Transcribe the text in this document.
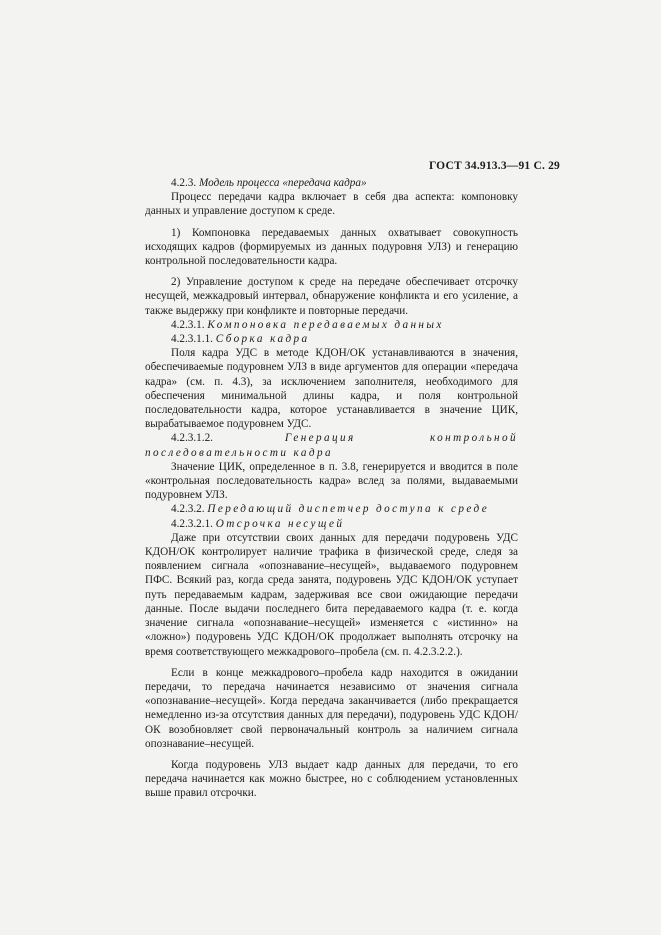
ГОСТ 34.913.3—91 С. 29

4.2.3. Модель процесса «передача кадра»

Процесс передачи кадра включает в себя два аспекта: компоновку данных и управление доступом к среде.

1) Компоновка передаваемых данных охватывает совокупность исходящих кадров (формируемых из данных подуровня УЛЗ) и генерацию контрольной последовательности кадра.

2) Управление доступом к среде на передаче обеспечивает отсрочку несущей, межкадровый интервал, обнаружение конфликта и его усиление, а также выдержку при конфликте и повторные передачи.

4.2.3.1. Компоновка передаваемых данных

4.2.3.1.1. Сборка кадра

Поля кадра УДС в методе КДОН/ОК устанавливаются в значения, обеспечиваемые подуровнем УЛЗ в виде аргументов для операции «передача кадра» (см. п. 4.3), за исключением заполнителя, необходимого для обеспечения минимальной длины кадра, и поля контрольной последовательности кадра, которое устанавливается в значение ЦИК, вырабатываемое подуровнем УДС.

4.2.3.1.2.	Генерация контрольной последовательности кадра

Значение ЦИК, определенное в п. 3.8, генерируется и вводится в поле «контрольная последовательность кадра» вслед за полями, выдаваемыми подуровнем УЛЗ.

4.2.3.2. Передающий диспетчер доступа к среде

4.2.3.2.1. Отсрочка несущей

Даже при отсутствии своих данных для передачи подуровень УДС КДОН/ОК контролирует наличие трафика в физической среде, следя за появлением сигнала «опознавание–несущей», выдаваемого подуровнем ПФС. Всякий раз, когда среда занята, подуровень УДС КДОН/ОК уступает путь передаваемым кадрам, задерживая все свои ожидающие передачи данные. После выдачи последнего бита передаваемого кадра (т. е. когда значение сигнала «опознавание–несущей» изменяется с «истинно» на «ложно») подуровень УДС КДОН/ОК продолжает выполнять отсрочку на время соответствующего межкадрового–пробела (см. п. 4.2.3.2.2.).

Если в конце межкадрового–пробела кадр находится в ожидании передачи, то передача начинается независимо от значения сигнала «опознавание–несущей». Когда передача заканчивается (либо прекращается немедленно из-за отсутствия данных для передачи), подуровень УДС КДОН/ОК возобновляет свой первоначальный контроль за наличием сигнала опознавание–несущей.

Когда подуровень УЛЗ выдает кадр данных для передачи, то его передача начинается как можно быстрее, но с соблюдением установленных выше правил отсрочки.
